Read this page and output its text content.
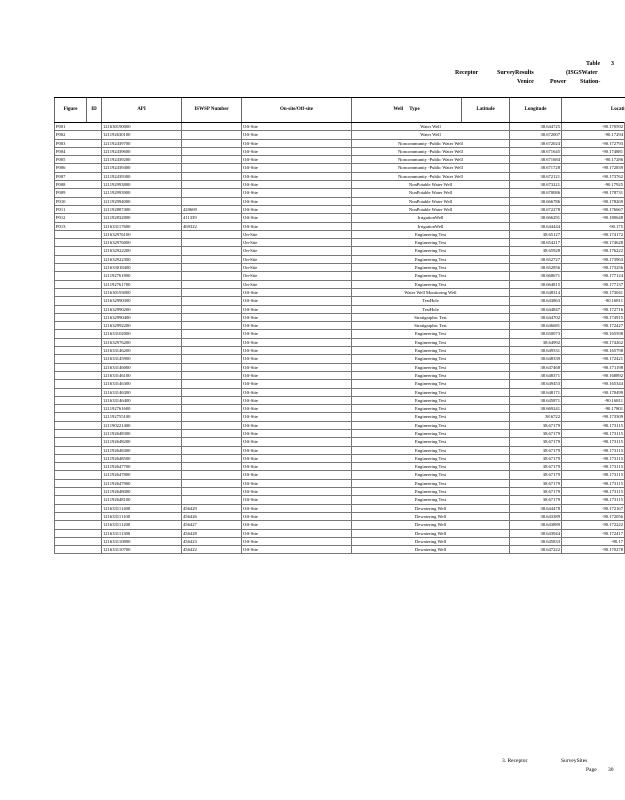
Table 3
Receptor	SurveyResults	(ISGSWater
Venice	Power Station-
Figure	ID	API	ISWSP Number	On-site/Off-site	Well Type	Latitude	Longitude	Locati	
P001		121630190000		Off-Site	Water Well		38.644725	-90.170592	
P002		121192630100		Off-Site	Water Well		38.672007	-90.17294	
P003		121192439700		Off-Site	Noncommunity -Public Water Well		38.672024	-90.172793	
P004		121192439600		Off-Site	Noncommunity -Public Water Well		38.671645	-90.174881	
P005		121192439200		Off-Site	Noncommunity -Public Water Well		38.671684	-90.17286	
P006		121192439400		Off-Site	Noncommunity -Public Water Well		38.671728	-90.172839	
P007		121192439300		Off-Site	Noncommunity -Public Water Well		38.672121	-90.173762	
P008		121192993800		Off-Site	NonPotable Water Well		38.673221	-90.17925	
P009		121192993900		Off-Site	NonPotable Water Well		38.670086	-90.178731	
P010		121192994000		Off-Site	NonPotable Water Well		38.666786	-90.178269	
P011		121192807400	420669	Off-Site	NonPotable Water Well		38.672278	-90.176667	
P012		121192832800	411339	Off-Site	IrrigationWell		38.666291	-90.180648	
P013		121633117600	469322	Off-Site	IrrigationWell		38.644444	-90.175	
		121632976100		On-Site	Engineering Test		38.65127	-90.174172	
		121632976000		On-Site	Engineering Test		38.654217	-90.174628	
		121632922200		On-Site	Engineering Test		38.65928	-90.176222	
		121632922300		On-Site	Engineering Test		38.652727	-90.173963	
		121633018400		On-Site	Engineering Test		38.652856	-90.173256	
		121192761800		On-Site	Engineering Test		38.660671	-90.177124	
		121192761700		On-Site	Engineering Test		38.664815	-90.177137	
		121630193000		Off-Site	Water Well Monitoring Well		38.648314	-90.173041	
		121632990300		Off-Site	TestHole		38.643863	-90.16811	
		121632990200		Off-Site	TestHole		38.644847	-90.172716	
		121632990400		Off-Site	Stratigraphic Test		38.644702	-90.174915	
		121632992200		Off-Site	Stratigraphic Test		38.646681	-90.172427	
		121633102000		Off-Site	Engineering Test		38.650073	-90.165598	
		121632976200		Off-Site	Engineering Test		38.64992	-90.174262	
		121633146200		Off-Site	Engineering Test		38.649331	-90.165798	
		121633145900		Off-Site	Engineering Test		38.648339	-90.172421	
		121633146000		Off-Site	Engineering Test		38.647468	-90.171198	
		121633146100		Off-Site	Engineering Test		38.648371	-90.168892	
		121633146300		Off-Site	Engineering Test		38.649453	-90.165344	
		121633146300		Off-Site	Engineering Test		38.648171	-90.170499	
		121633146400		Off-Site	Engineering Test		38.645871	-90.16811	
		121192761600		Off-Site	Engineering Test		38.669241	-90.17801	
		121192755100		Off-Site	Engineering Test		38.6722	-90.173309	
		121190221400		Off-Site	Engineering Test		38.67179	-90.173115	
		121192648300		Off-Site	Engineering Test		38.67179	-90.173115	
		121192648200		Off-Site	Engineering Test		38.67179	-90.173115	
		121192648400		Off-Site	Engineering Test		38.67179	-90.173115	
		121192648500		Off-Site	Engineering Test		38.67179	-90.173115	
		121192647700		Off-Site	Engineering Test		38.67179	-90.173115	
		121192647800		Off-Site	Engineering Test		38.67179	-90.173115	
		121192647900		Off-Site	Engineering Test		38.67179	-90.173115	
		121192648000		Off-Site	Engineering Test		38.67179	-90.173115	
		121192648100		Off-Site	Engineering Test		38.67179	-90.173115	
		121633111400	456429	Off-Site	Dewatering Well		38.644478	-90.172167	
		121633111100	456426	Off-Site	Dewatering Well		38.643389	-90.172056	
		121633111200	456427	Off-Site	Dewatering Well		38.643889	-90.172222	
		121633111300	456428	Off-Site	Dewatering Well		38.643944	-90.172417	
		121633110800	456423	Off-Site	Dewatering Well		38.645833	-90.17	
		121633110700	456422	Off-Site	Dewatering Well		38.647222	-90.170278	
3. Receptor	SurveySites
Page 30
